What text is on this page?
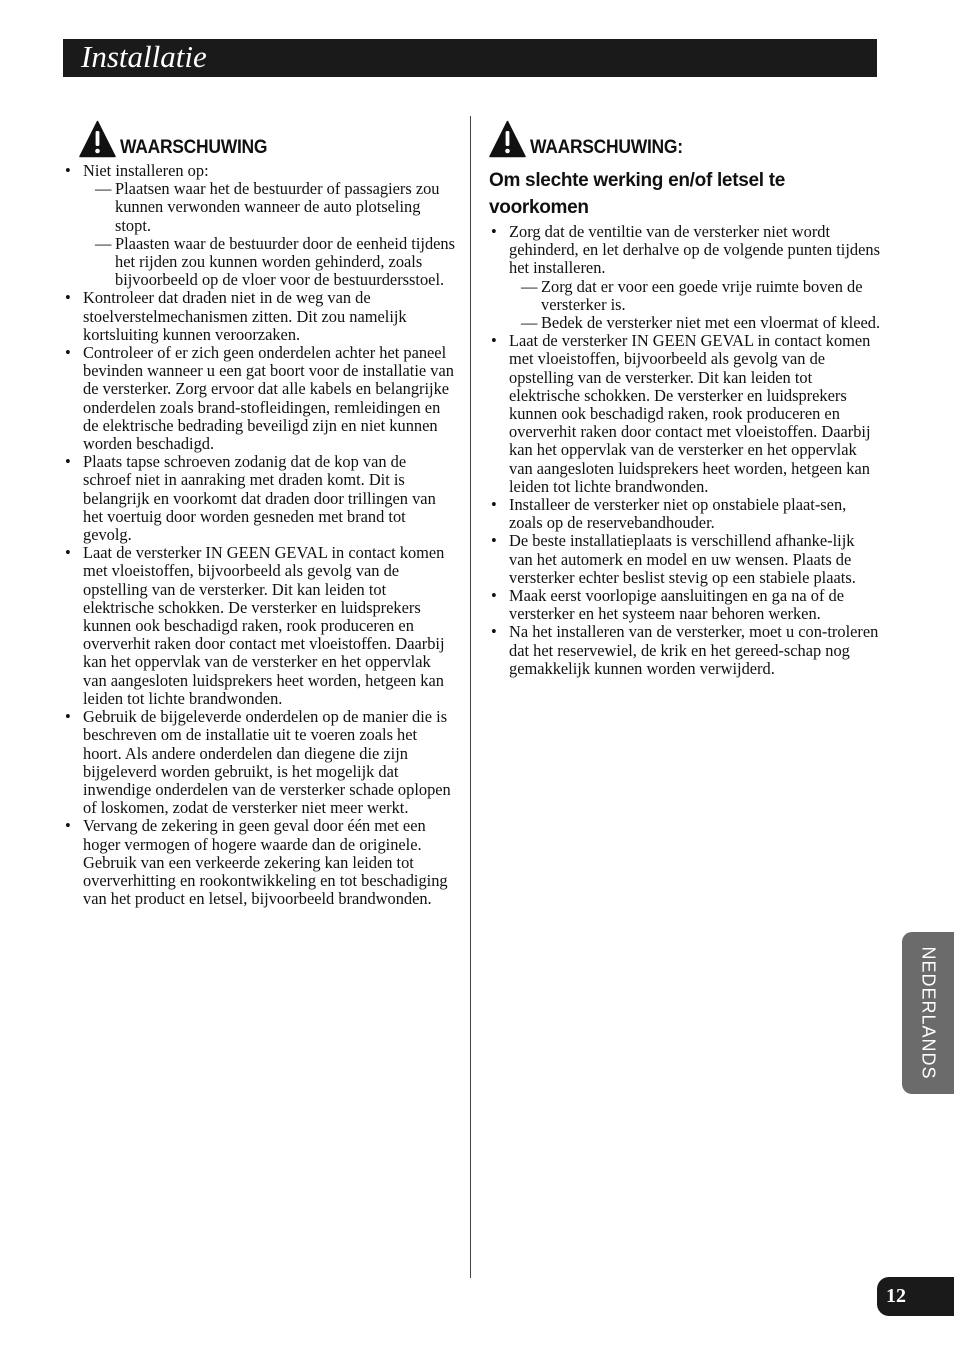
Installatie
WAARSCHUWING
• Niet installeren op:
— Plaatsen waar het de bestuurder of passagiers zou kunnen verwonden wanneer de auto plotseling stopt.
— Plaasten waar de bestuurder door de eenheid tijdens het rijden zou kunnen worden gehinderd, zoals bijvoorbeeld op de vloer voor de bestuurdersstoel.
• Kontroleer dat draden niet in de weg van de stoelverstelmechanismen zitten. Dit zou namelijk kortsluiting kunnen veroorzaken.
• Controleer of er zich geen onderdelen achter het paneel bevinden wanneer u een gat boort voor de installatie van de versterker. Zorg ervoor dat alle kabels en belangrijke onderdelen zoals brand-stofleidingen, remleidingen en de elektrische bedrading beveiligd zijn en niet kunnen worden beschadigd.
• Plaats tapse schroeven zodanig dat de kop van de schroef niet in aanraking met draden komt. Dit is belangrijk en voorkomt dat draden door trillingen van het voertuig door worden gesneden met brand tot gevolg.
• Laat de versterker IN GEEN GEVAL in contact komen met vloeistoffen, bijvoorbeeld als gevolg van de opstelling van de versterker. Dit kan leiden tot elektrische schokken. De versterker en luidsprekers kunnen ook beschadigd raken, rook produceren en oververhit raken door contact met vloeistoffen. Daarbij kan het oppervlak van de versterker en het oppervlak van aangesloten luidsprekers heet worden, hetgeen kan leiden tot lichte brandwonden.
• Gebruik de bijgeleverde onderdelen op de manier die is beschreven om de installatie uit te voeren zoals het hoort. Als andere onderdelen dan diegene die zijn bijgeleverd worden gebruikt, is het mogelijk dat inwendige onderdelen van de versterker schade oplopen of loskomen, zodat de versterker niet meer werkt.
• Vervang de zekering in geen geval door één met een hoger vermogen of hogere waarde dan de originele. Gebruik van een verkeerde zekering kan leiden tot oververhitting en rookontwikkeling en tot beschadiging van het product en letsel, bijvoorbeeld brandwonden.
WAARSCHUWING:
Om slechte werking en/of letsel te voorkomen
• Zorg dat de ventiltie van de versterker niet wordt gehinderd, en let derhalve op de volgende punten tijdens het installeren.
— Zorg dat er voor een goede vrije ruimte boven de versterker is.
— Bedek de versterker niet met een vloermat of kleed.
• Laat de versterker IN GEEN GEVAL in contact komen met vloeistoffen, bijvoorbeeld als gevolg van de opstelling van de versterker. Dit kan leiden tot elektrische schokken. De versterker en luidsprekers kunnen ook beschadigd raken, rook produceren en oververhit raken door contact met vloeistoffen. Daarbij kan het oppervlak van de versterker en het oppervlak van aangesloten luidsprekers heet worden, hetgeen kan leiden tot lichte brandwonden.
• Installeer de versterker niet op onstabiele plaat-sen, zoals op de reservebandhouder.
• De beste installatieplaats is verschillend afhanke-lijk van het automerk en model en uw wensen. Plaats de versterker echter beslist stevig op een stabiele plaats.
• Maak eerst voorlopige aansluitingen en ga na of de versterker en het systeem naar behoren werken.
• Na het installeren van de versterker, moet u con-troleren dat het reservewiel, de krik en het gereed-schap nog gemakkelijk kunnen worden verwijderd.
NEDERLANDS
12
